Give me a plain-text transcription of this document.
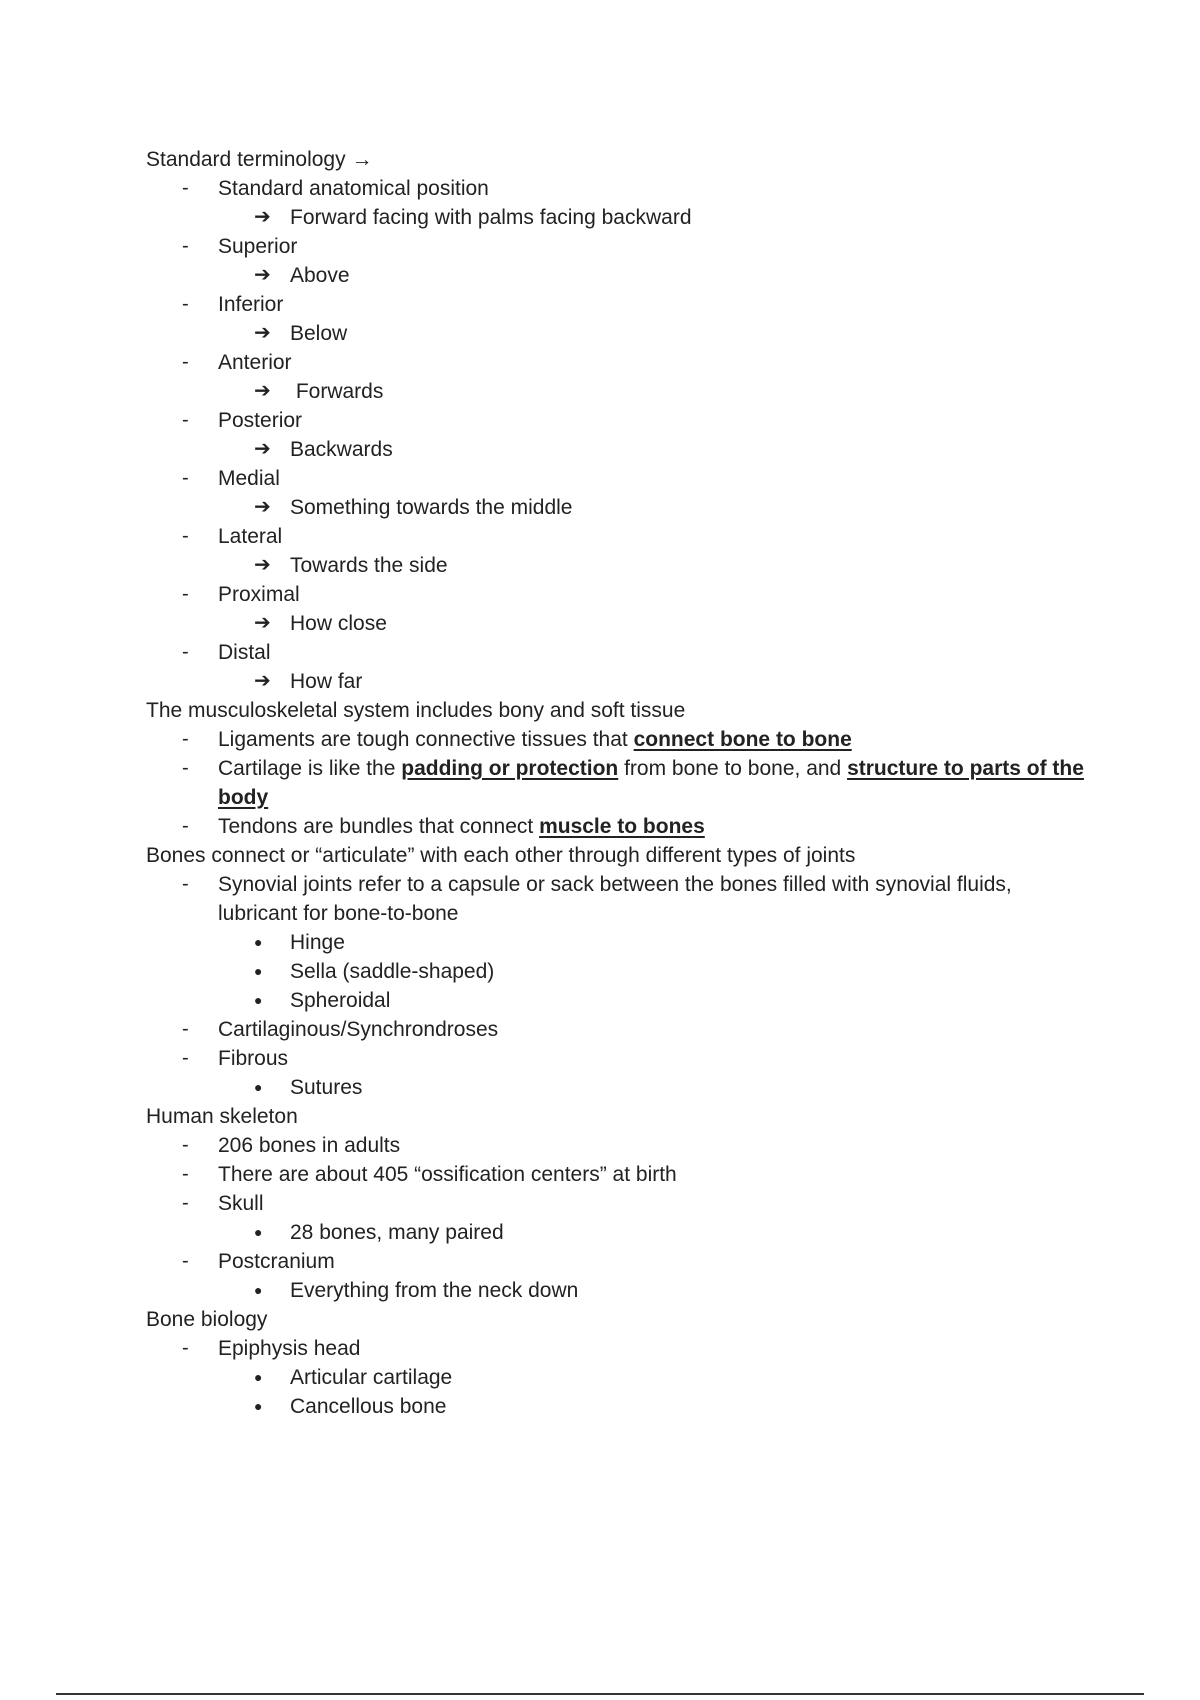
Standard terminology →
- Standard anatomical position
➔ Forward facing with palms facing backward
- Superior
➔ Above
- Inferior
➔ Below
- Anterior
➔ Forwards
- Posterior
➔ Backwards
- Medial
➔ Something towards the middle
- Lateral
➔ Towards the side
- Proximal
➔ How close
- Distal
➔ How far
The musculoskeletal system includes bony and soft tissue
- Ligaments are tough connective tissues that connect bone to bone
- Cartilage is like the padding or protection from bone to bone, and structure to parts of the body
- Tendons are bundles that connect muscle to bones
Bones connect or “articulate” with each other through different types of joints
- Synovial joints refer to a capsule or sack between the bones filled with synovial fluids, lubricant for bone-to-bone
● Hinge
● Sella (saddle-shaped)
● Spheroidal
- Cartilaginous/Synchrondroses
- Fibrous
● Sutures
Human skeleton
- 206 bones in adults
- There are about 405 “ossification centers” at birth
- Skull
● 28 bones, many paired
- Postcranium
● Everything from the neck down
Bone biology
- Epiphysis head
● Articular cartilage
● Cancellous bone
